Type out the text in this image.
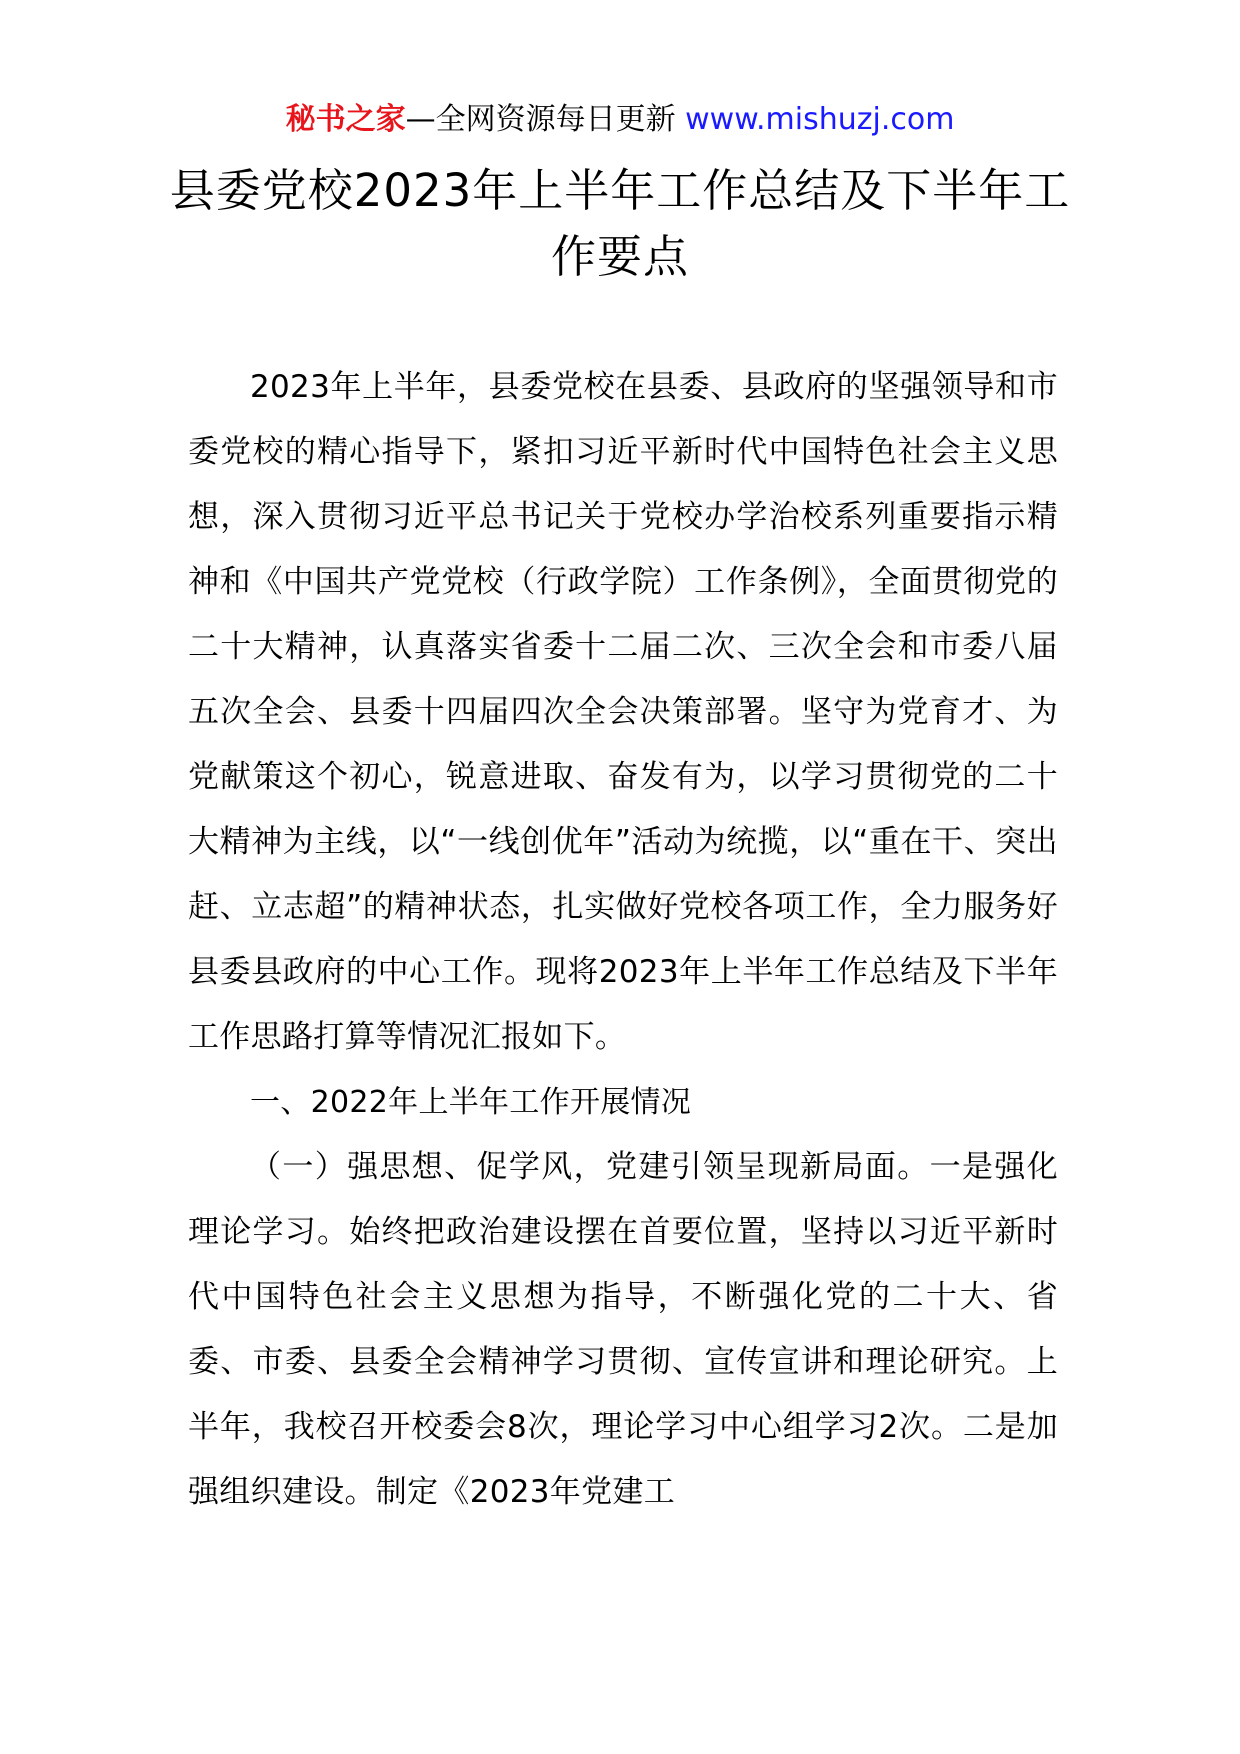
秘书之家—全网资源每日更新 www.mishuzj.com
县委党校2023年上半年工作总结及下半年工作要点

2023年上半年，县委党校在县委、县政府的坚强领导和市委党校的精心指导下，紧扣习近平新时代中国特色社会主义思想，深入贯彻习近平总书记关于党校办学治校系列重要指示精神和《中国共产党党校（行政学院）工作条例》，全面贯彻党的二十大精神，认真落实省委十二届二次、三次全会和市委八届五次全会、县委十四届四次全会决策部署。坚守为党育才、为党献策这个初心，锐意进取、奋发有为，以学习贯彻党的二十大精神为主线，以“一线创优年”活动为统揽，以“重在干、突出赶、立志超”的精神状态，扎实做好党校各项工作，全力服务好县委县政府的中心工作。现将2023年上半年工作总结及下半年工作思路打算等情况汇报如下。

一、2022年上半年工作开展情况

（一）强思想、促学风，党建引领呈现新局面。一是强化理论学习。始终把政治建设摆在首要位置，坚持以习近平新时代中国特色社会主义思想为指导，不断强化党的二十大、省委、市委、县委全会精神学习贯彻、宣传宣讲和理论研究。上半年，我校召开校委会8次，理论学习中心组学习2次。二是加强组织建设。制定《2023年党建工
